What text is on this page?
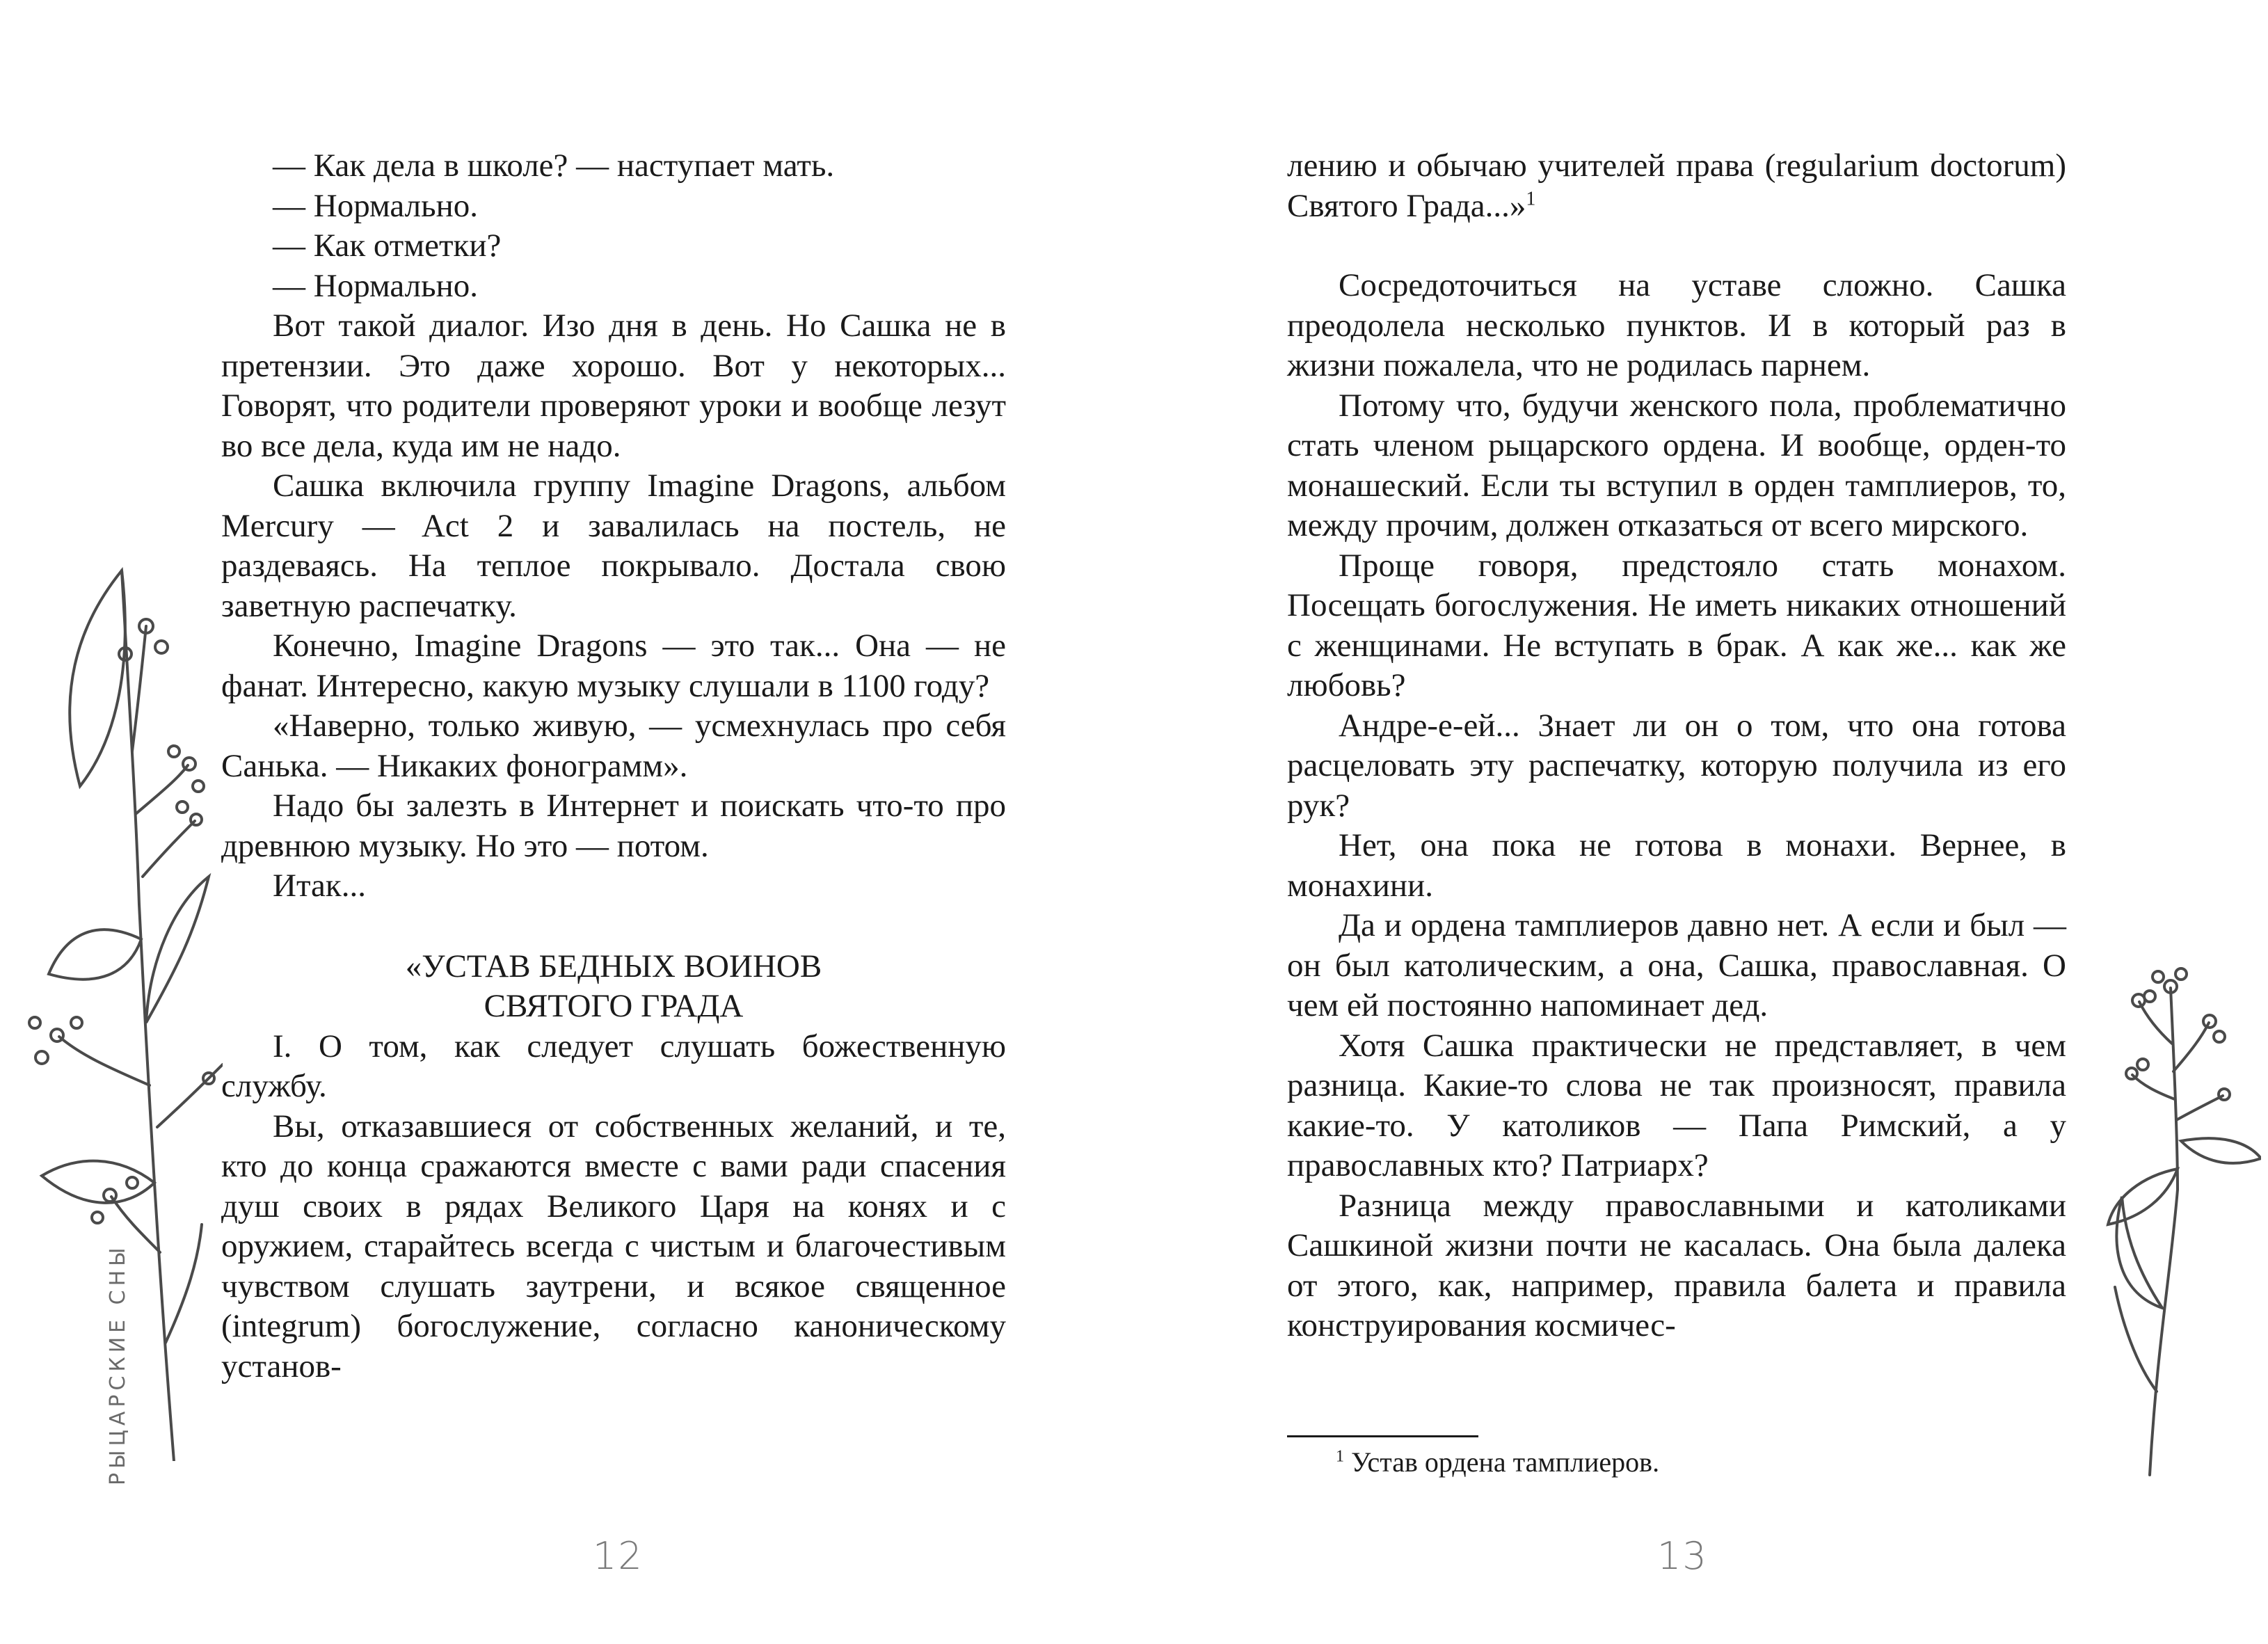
РЫЦАРСКИЕ СНЫ

— Как дела в школе? — наступает мать.

— Нормально.

— Как отметки?

— Нормально.

Вот такой диалог. Изо дня в день. Но Сашка не в претензии. Это даже хорошо. Вот у некоторых... Говорят, что родители проверяют уроки и вообще лезут во все дела, куда им не надо.

Сашка включила группу Imagine Dragons, альбом Mercury — Act 2 и завалилась на постель, не раздеваясь. На теплое покрывало. Достала свою заветную распечатку.

Конечно, Imagine Dragons — это так... Она — не фанат. Интересно, какую музыку слушали в 1100 году?

«Наверно, только живую, — усмехнулась про себя Санька. — Никаких фонограмм».

Надо бы залезть в Интернет и поискать что-то про древнюю музыку. Но это — потом.

Итак...

«УСТАВ БЕДНЫХ ВОИНОВ

СВЯТОГО ГРАДА

I. О том, как следует слушать божественную службу.

Вы, отказавшиеся от собственных желаний, и те, кто до конца сражаются вместе с вами ради спасения душ своих в рядах Великого Царя на конях и с оружием, старайтесь всегда с чистым и благочестивым чувством слушать заутрени, и всякое священное (integrum) богослужение, согласно каноническому установ-

12

лению и обычаю учителей права (regularium doctorum) Святого Града...»$^1$

Сосредоточиться на уставе сложно. Сашка преодолела несколько пунктов. И в который раз в жизни пожалела, что не родилась парнем.

Потому что, будучи женского пола, проблематично стать членом рыцарского ордена. И вообще, орден-то монашеский. Если ты вступил в орден тамплиеров, то, между прочим, должен отказаться от всего мирского.

Проще говоря, предстояло стать монахом. Посещать богослужения. Не иметь никаких отношений с женщинами. Не вступать в брак. А как же... как же любовь?

Андре-е-ей... Знает ли он о том, что она готова расцеловать эту распечатку, которую получила из его рук?

Нет, она пока не готова в монахи. Вернее, в монахини.

Да и ордена тамплиеров давно нет. А если и был — он был католическим, а она, Сашка, православная. О чем ей постоянно напоминает дед.

Хотя Сашка практически не представляет, в чем разница. Какие-то слова не так произносят, правила какие-то. У католиков — Папа Римский, а у православных кто? Патриарх?

Разница между православными и католиками Сашкиной жизни почти не касалась. Она была далека от этого, как, например, правила балета и правила конструирования космичес-

$^1$ Устав ордена тамплиеров.
13
